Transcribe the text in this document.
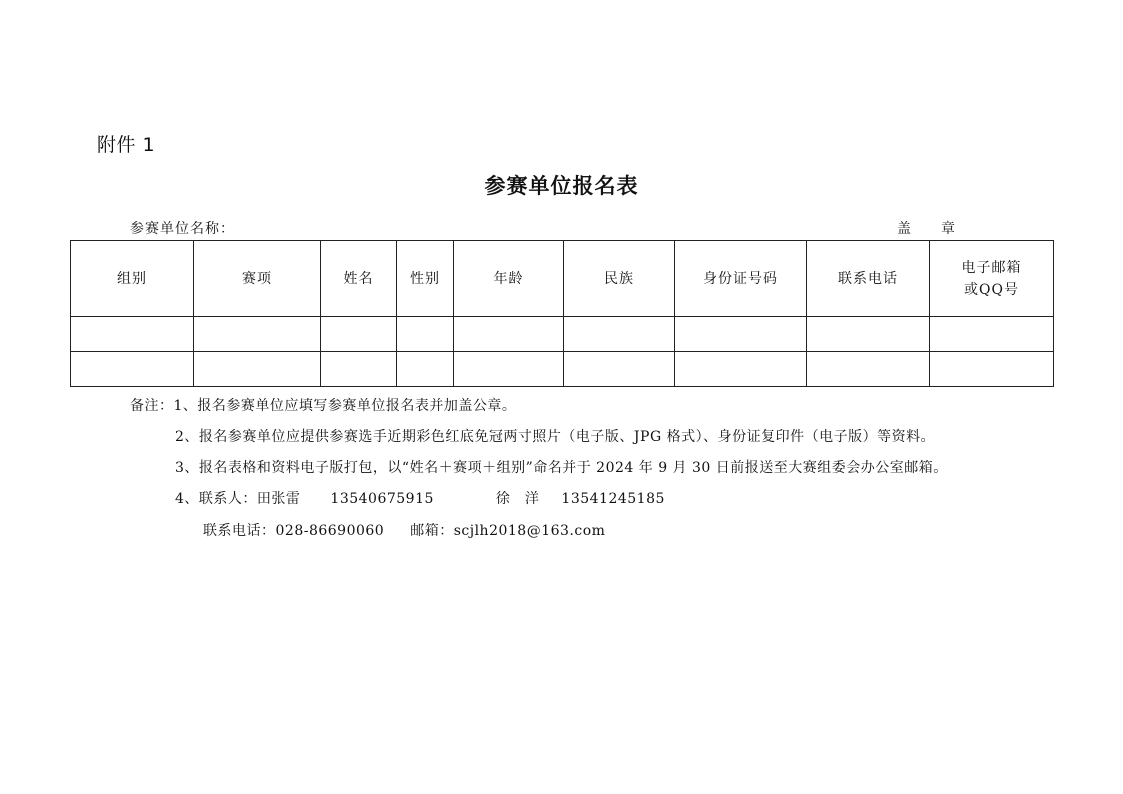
附件 1
参赛单位报名表
参赛单位名称：	盖 章
组别	赛项	姓名	性别	年龄	民族	身份证号码	联系电话	电子邮箱
或QQ号

备注：1、报名参赛单位应填写参赛单位报名表并加盖公章。
2、报名参赛单位应提供参赛选手近期彩色红底免冠两寸照片（电子版、JPG 格式）、身份证复印件（电子版）等资料。
3、报名表格和资料电子版打包，以“姓名＋赛项＋组别”命名并于 2024 年 9 月 30 日前报送至大赛组委会办公室邮箱。
4、联系人：田张雷 13540675915	徐　洋 13541245185
联系电话：028-86690060 邮箱：scjlh2018@163.com
